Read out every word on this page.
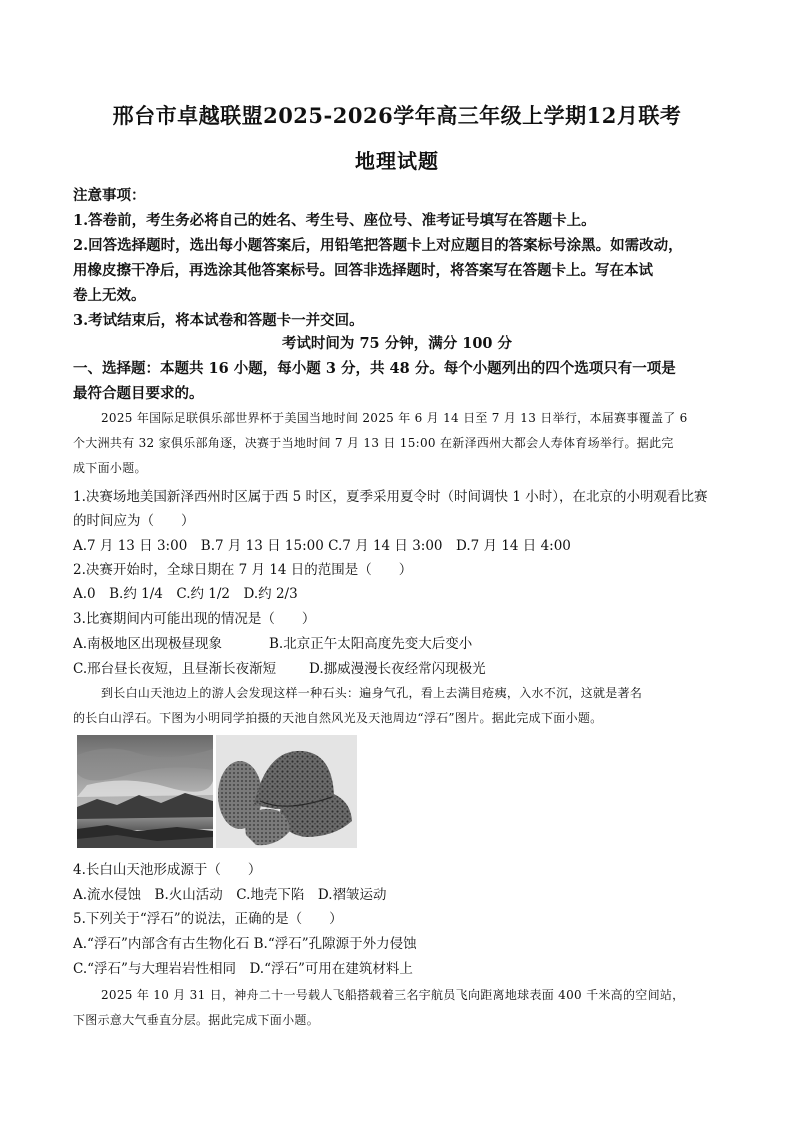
邢台市卓越联盟2025-2026学年高三年级上学期12月联考
地理试题
注意事项：
1.答卷前，考生务必将自己的姓名、考生号、座位号、准考证号填写在答题卡上。
2.回答选择题时，选出每小题答案后，用铅笔把答题卡上对应题目的答案标号涂黑。如需改动，
用橡皮擦干净后，再选涂其他答案标号。回答非选择题时，将答案写在答题卡上。写在本试
卷上无效。
3.考试结束后，将本试卷和答题卡一并交回。
考试时间为 75 分钟，满分 100 分
一、选择题：本题共 16 小题，每小题 3 分，共 48 分。每个小题列出的四个选项只有一项是
最符合题目要求的。
2025 年国际足联俱乐部世界杯于美国当地时间 2025 年 6 月 14 日至 7 月 13 日举行，本届赛事覆盖了 6
个大洲共有 32 家俱乐部角逐，决赛于当地时间 7 月 13 日 15:00 在新泽西州大都会人寿体育场举行。据此完
成下面小题。
1.决赛场地美国新泽西州时区属于西 5 时区，夏季采用夏令时（时间调快 1 小时），在北京的小明观看比赛
的时间应为（　　）
A.7 月 13 日 3:00　B.7 月 13 日 15:00 C.7 月 14 日 3:00　D.7 月 14 日 4:00
2.决赛开始时，全球日期在 7 月 14 日的范围是（　　）
A.0　B.约 1/4　C.约 1/2　D.约 2/3
3.比赛期间内可能出现的情况是（　　）
A.南极地区出现极昼现象	B.北京正午太阳高度先变大后变小
C.邢台昼长夜短，且昼渐长夜渐短 D.挪威漫漫长夜经常闪现极光
到长白山天池边上的游人会发现这样一种石头：遍身气孔，看上去满目疮痍，入水不沉，这就是著名
的长白山浮石。下图为小明同学拍摄的天池自然风光及天池周边“浮石”图片。据此完成下面小题。
4.长白山天池形成源于（　　）
A.流水侵蚀　B.火山活动　C.地壳下陷　D.褶皱运动
5.下列关于“浮石”的说法，正确的是（　　）
A.“浮石”内部含有古生物化石 B.“浮石”孔隙源于外力侵蚀
C.“浮石”与大理岩岩性相同　D.“浮石”可用在建筑材料上
2025 年 10 月 31 日，神舟二十一号载人飞船搭载着三名宇航员飞向距离地球表面 400 千米高的空间站，
下图示意大气垂直分层。据此完成下面小题。
